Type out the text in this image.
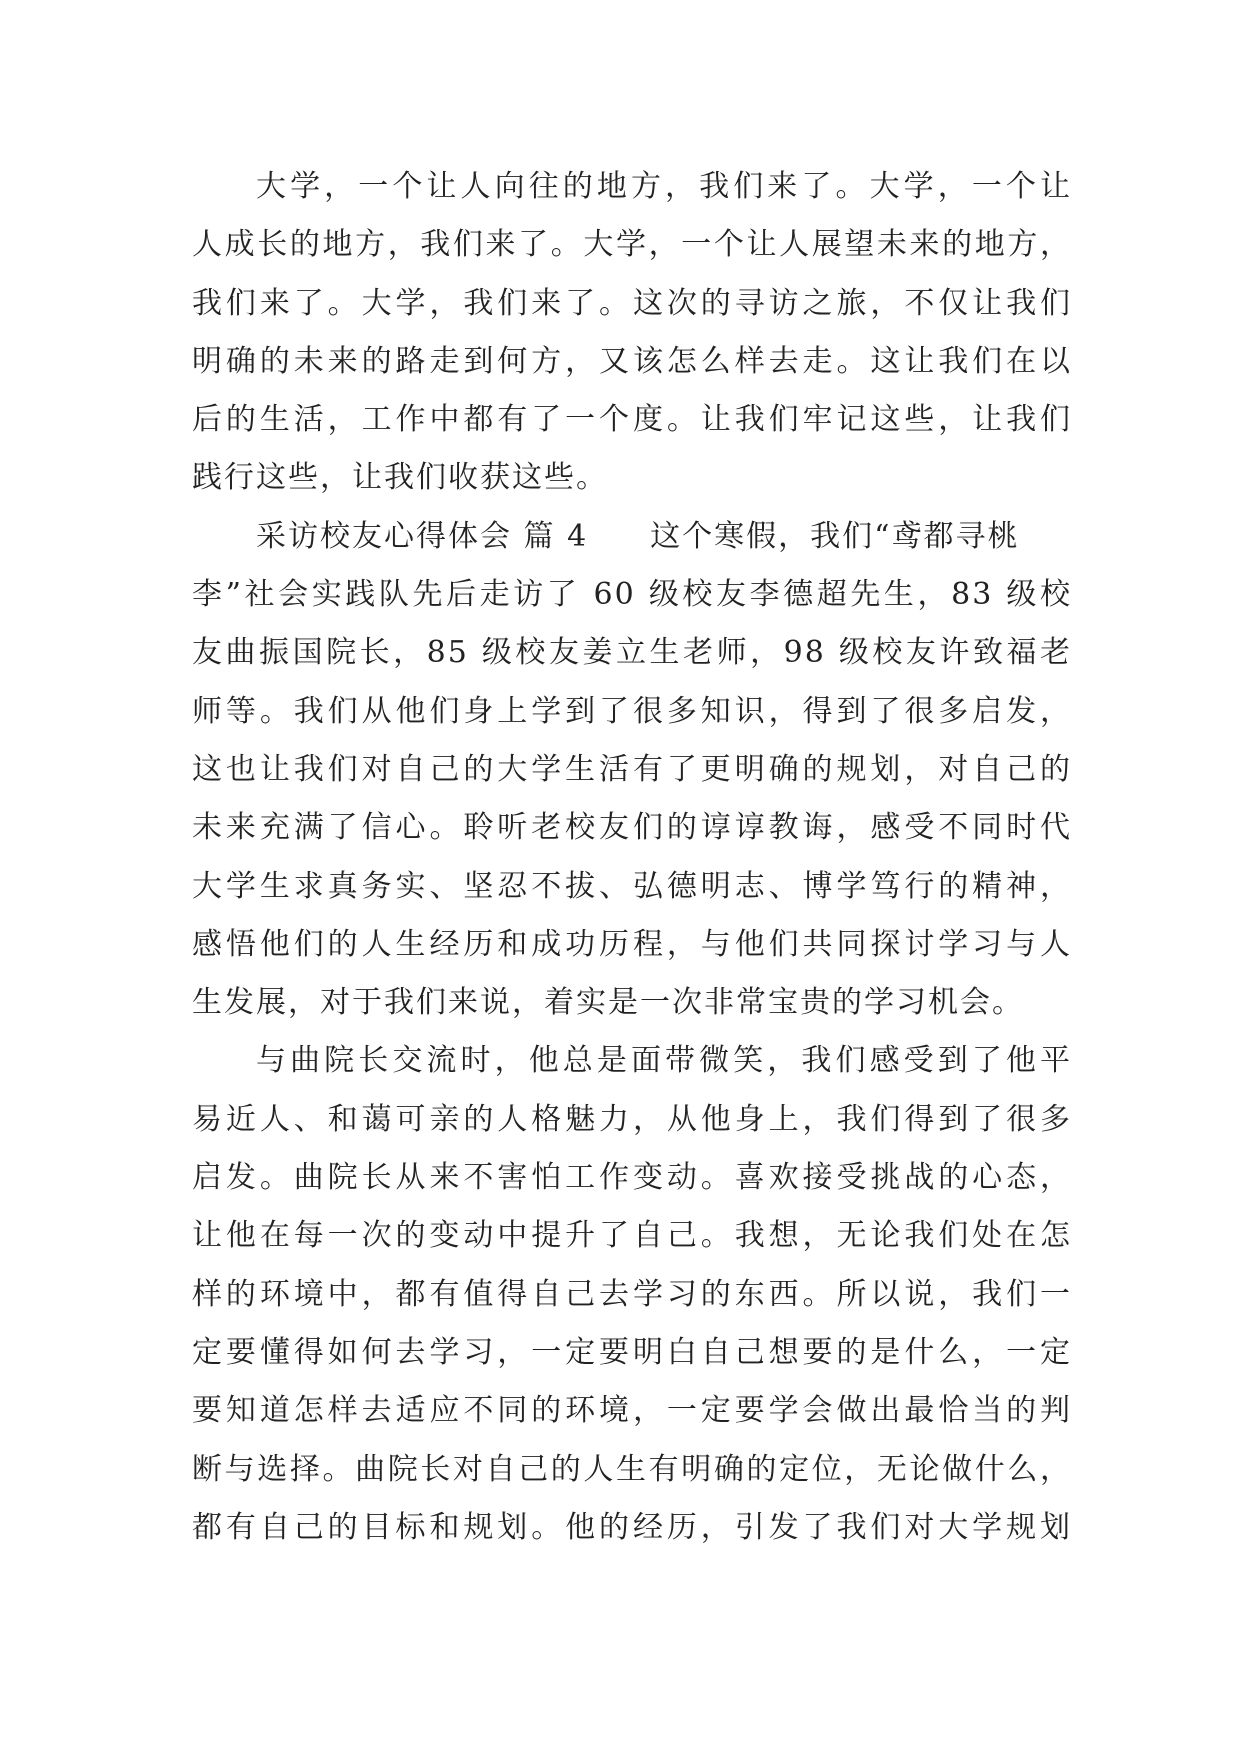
大学，一个让人向往的地方，我们来了。大学，一个让
人成长的地方，我们来了。大学，一个让人展望未来的地方，
我们来了。大学，我们来了。这次的寻访之旅，不仅让我们
明确的未来的路走到何方，又该怎么样去走。这让我们在以
后的生活，工作中都有了一个度。让我们牢记这些，让我们
践行这些，让我们收获这些。
采访校友心得体会 篇 4 这个寒假，我们“鸢都寻桃
李”社会实践队先后走访了 60 级校友李德超先生，83 级校
友曲振国院长，85 级校友姜立生老师，98 级校友许致福老
师等。我们从他们身上学到了很多知识，得到了很多启发，
这也让我们对自己的大学生活有了更明确的规划，对自己的
未来充满了信心。聆听老校友们的谆谆教诲，感受不同时代
大学生求真务实、坚忍不拔、弘德明志、博学笃行的精神，
感悟他们的人生经历和成功历程，与他们共同探讨学习与人
生发展，对于我们来说，着实是一次非常宝贵的学习机会。
与曲院长交流时，他总是面带微笑，我们感受到了他平
易近人、和蔼可亲的人格魅力，从他身上，我们得到了很多
启发。曲院长从来不害怕工作变动。喜欢接受挑战的心态，
让他在每一次的变动中提升了自己。我想，无论我们处在怎
样的环境中，都有值得自己去学习的东西。所以说，我们一
定要懂得如何去学习，一定要明白自己想要的是什么，一定
要知道怎样去适应不同的环境，一定要学会做出最恰当的判
断与选择。曲院长对自己的人生有明确的定位，无论做什么，
都有自己的目标和规划。他的经历，引发了我们对大学规划
